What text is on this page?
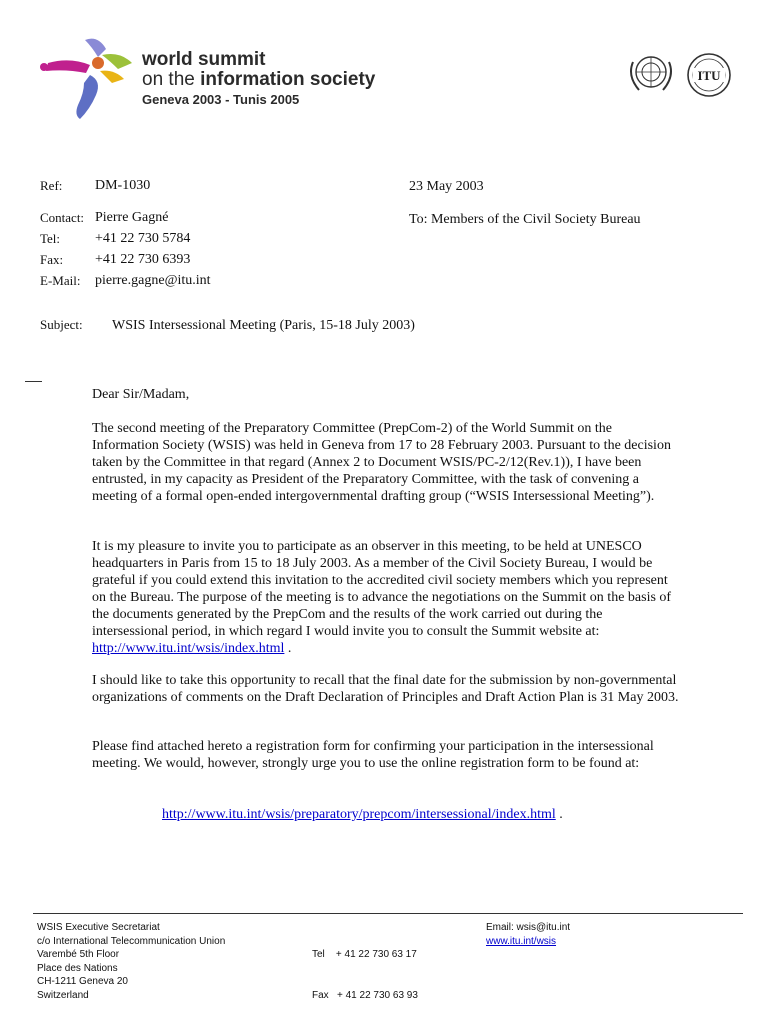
world summit
on the information society
Geneva 2003 - Tunis 2005
ITU
Ref: DM-1030	23 May 2003
Contact: Pierre Gagné	To: Members of the Civil Society Bureau
Tel: +41 22 730 5784
Fax: +41 22 730 6393
E-Mail: pierre.gagne@itu.int
Subject: WSIS Intersessional Meeting (Paris, 15-18 July 2003)
Dear Sir/Madam,

The second meeting of the Preparatory Committee (PrepCom-2) of the World Summit on the Information Society (WSIS) was held in Geneva from 17 to 28 February 2003. Pursuant to the decision taken by the Committee in that regard (Annex 2 to Document WSIS/PC-2/12(Rev.1)), I have been entrusted, in my capacity as President of the Preparatory Committee, with the task of convening a meeting of a formal open-ended intergovernmental drafting group (“WSIS Intersessional Meeting”).

It is my pleasure to invite you to participate as an observer in this meeting, to be held at UNESCO headquarters in Paris from 15 to 18 July 2003. As a member of the Civil Society Bureau, I would be grateful if you could extend this invitation to the accredited civil society members which you represent on the Bureau. The purpose of the meeting is to advance the negotiations on the Summit on the basis of the documents generated by the PrepCom and the results of the work carried out during the intersessional period, in which regard I would invite you to consult the Summit website at: http://www.itu.int/wsis/index.html .

I should like to take this opportunity to recall that the final date for the submission by non-governmental organizations of comments on the Draft Declaration of Principles and Draft Action Plan is 31 May 2003.

Please find attached hereto a registration form for confirming your participation in the intersessional meeting. We would, however, strongly urge you to use the online registration form to be found at:

http://www.itu.int/wsis/preparatory/prepcom/intersessional/index.html .
WSIS Executive Secretariat
c/o International Telecommunication Union
Varembé 5th Floor
Place des Nations
CH-1211 Geneva 20
Switzerland

Tel    + 41 22 730 63 17

Fax   + 41 22 730 63 93

Email: wsis@itu.int
www.itu.int/wsis
